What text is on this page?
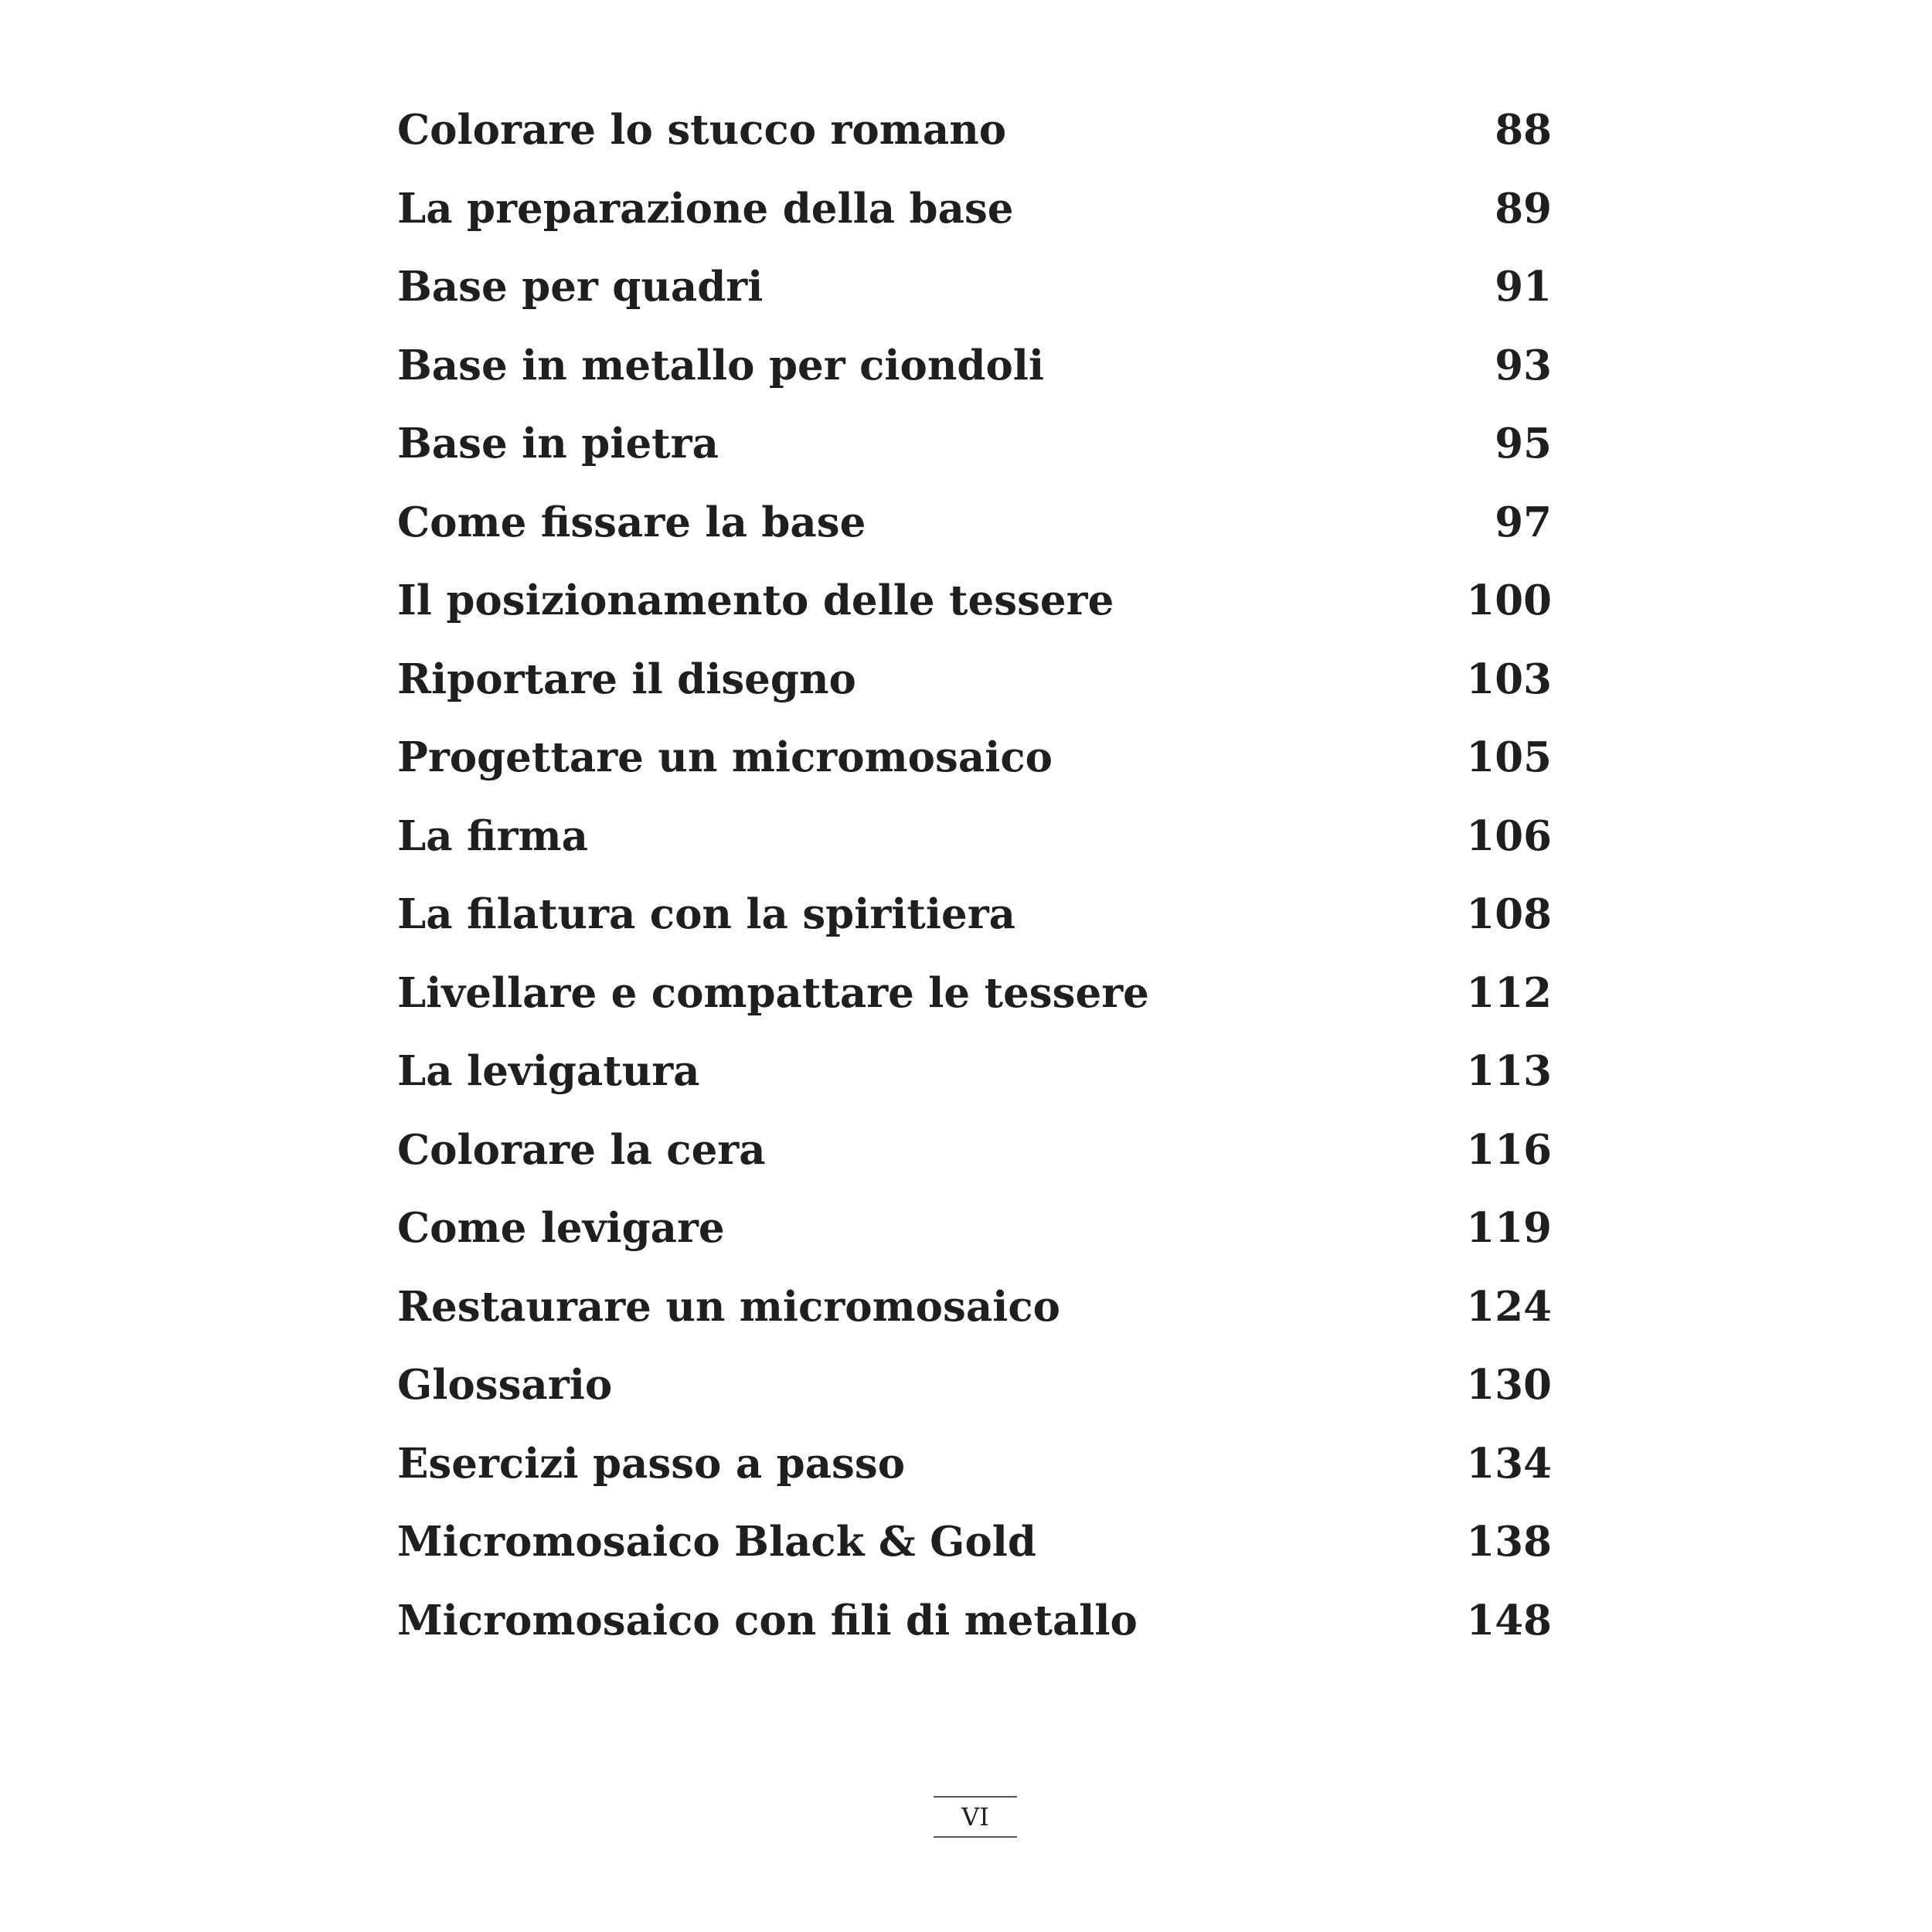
Colorare lo stucco romano	88
La preparazione della base	89
Base per quadri	91
Base in metallo per ciondoli	93
Base in pietra	95
Come fissare la base	97
Il posizionamento delle tessere	100
Riportare il disegno	103
Progettare un micromosaico	105
La firma	106
La filatura con la spiritiera	108
Livellare e compattare le tessere	112
La levigatura	113
Colorare la cera	116
Come levigare	119
Restaurare un micromosaico	124
Glossario	130
Esercizi passo a passo	134
Micromosaico Black & Gold	138
Micromosaico con fili di metallo	148
VI
